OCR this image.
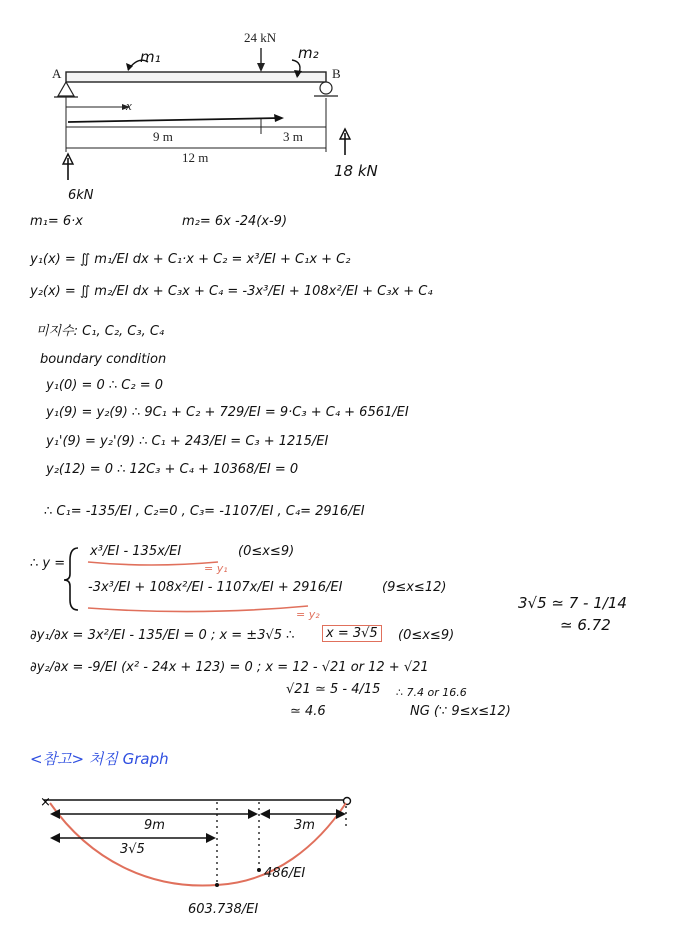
×
24 kN
m₁	m₂
A	B
x
9 m	3 m
12 m
6kN
18 kN
m₁= 6·x	m₂= 6x -24(x-9)
y₁(x) = ∬ m₁/EI dx + C₁·x + C₂ = x³/EI + C₁x + C₂
y₂(x) = ∬ m₂/EI dx + C₃x + C₄ = -3x³/EI + 108x²/EI + C₃x + C₄
미지수: C₁, C₂, C₃, C₄
boundary condition
y₁(0) = 0 ∴ C₂ = 0
y₁(9) = y₂(9) ∴ 9C₁ + C₂ + 729/EI = 9·C₃ + C₄ + 6561/EI
y₁'(9) = y₂'(9) ∴ C₁ + 243/EI = C₃ + 1215/EI
y₂(12) = 0 ∴ 12C₃ + C₄ + 10368/EI = 0
∴ C₁= -135/EI , C₂=0 , C₃= -1107/EI , C₄= 2916/EI
∴ y =
x³/EI - 135x/EI	(0≤x≤9)
= y₁
-3x³/EI + 108x²/EI - 1107x/EI + 2916/EI	(9≤x≤12)
= y₂
3√5 ≃ 7 - 1/14
≃ 6.72
∂y₁/∂x = 3x²/EI - 135/EI = 0 ; x = ±3√5 ∴	x = 3√5	(0≤x≤9)
∂y₂/∂x = -9/EI (x² - 24x + 123) = 0 ; x = 12 - √21 or 12 + √21
√21 ≃ 5 - 4/15 ∴ 7.4 or 16.6
≃ 4.6	NG (∵ 9≤x≤12)
<참고> 처짐 Graph
9m	3m
3√5
486/EI
603.738/EI
